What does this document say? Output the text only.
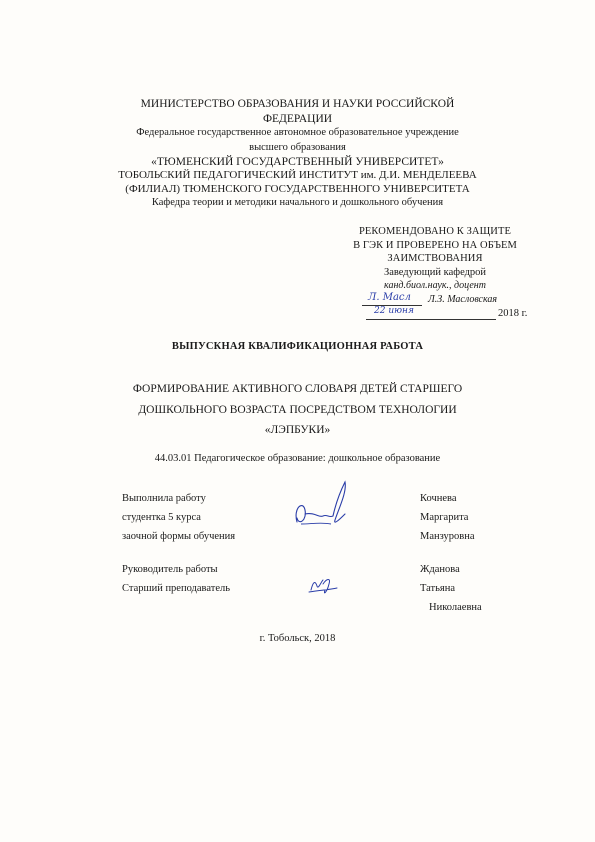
МИНИСТЕРСТВО ОБРАЗОВАНИЯ И НАУКИ РОССИЙСКОЙ
ФЕДЕРАЦИИ
Федеральное государственное автономное образовательное учреждение
высшего образования
«ТЮМЕНСКИЙ ГОСУДАРСТВЕННЫЙ УНИВЕРСИТЕТ»
ТОБОЛЬСКИЙ ПЕДАГОГИЧЕСКИЙ ИНСТИТУТ им. Д.И. МЕНДЕЛЕЕВА
(ФИЛИАЛ) ТЮМЕНСКОГО ГОСУДАРСТВЕННОГО УНИВЕРСИТЕТА
Кафедра теории и методики начального и дошкольного обучения
РЕКОМЕНДОВАНО К ЗАЩИТЕ
В ГЭК И ПРОВЕРЕНО НА ОБЪЕМ
ЗАИМСТВОВАНИЯ
Заведующий кафедрой
канд.биол.наук., доцент
Л.З. Масловская
2018 г.
Л. Масл
22 июня
ВЫПУСКНАЯ КВАЛИФИКАЦИОННАЯ РАБОТА
ФОРМИРОВАНИЕ АКТИВНОГО СЛОВАРЯ ДЕТЕЙ СТАРШЕГО
ДОШКОЛЬНОГО ВОЗРАСТА ПОСРЕДСТВОМ ТЕХНОЛОГИИ
«ЛЭПБУКИ»
44.03.01 Педагогическое образование: дошкольное образование
Выполнила работу
студентка 5 курса
заочной формы обучения
Кочнева
Маргарита
Манзуровна
Руководитель работы
Старший преподаватель
Жданова
Татьяна
Николаевна
г. Тобольск, 2018
